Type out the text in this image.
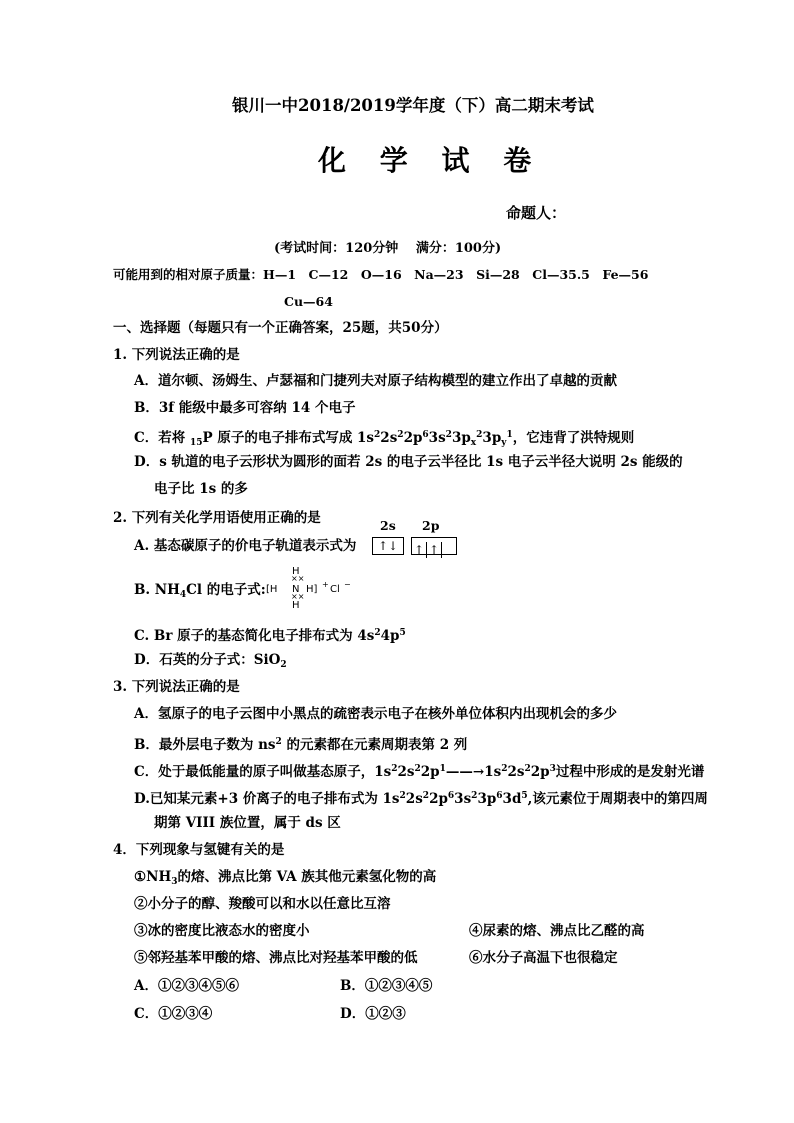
银川一中2018/2019学年度（下）高二期末考试
化 学 试 卷
命题人：
(考试时间：120分钟　 满分：100分)
可能用到的相对原子质量：H—1　C—12　O—16　Na—23　Si—28　Cl—35.5　Fe—56
Cu—64
一、选择题（每题只有一个正确答案，25题，共50分）
1. 下列说法正确的是
A．道尔顿、汤姆生、卢瑟福和门捷列夫对原子结构模型的建立作出了卓越的贡献
B．3f 能级中最多可容纳 14 个电子
C．若将 $_{15}$P 原子的电子排布式写成 $1s^22s^22p^63s^23p_x^23p_y^1$，它违背了洪特规则
D．s 轨道的电子云形状为圆形的面若 2s 的电子云半径比 1s 电子云半径大说明 2s 能级的
电子比 1s 的多
2. 下列有关化学用语使用正确的是	2s 2p
A. 基态碳原子的价电子轨道表示式为	↑↓	↑ ↑
B. $NH_4Cl$ 的电子式:
H
××
[H N H] + Cl −
××
H
C. Br 原子的基态简化电子排布式为 $4s^24p^5$
D．石英的分子式：SiO$_2$
3. 下列说法正确的是
A．氢原子的电子云图中小黑点的疏密表示电子在核外单位体积内出现机会的多少
B．最外层电子数为 $ns^2$ 的元素都在元素周期表第 2 列
C．处于最低能量的原子叫做基态原子，$1s^22s^22p^1——\to 1s^22s^22p^3$过程中形成的是发射光谱
D.已知某元素+3 价离子的电子排布式为 $1s^22s^22p^63s^23p^63d^5$,该元素位于周期表中的第四周
期第 VIII 族位置，属于 ds 区
4．下列现象与氢键有关的是
$①NH_3$的熔、沸点比第 VA 族其他元素氢化物的高
②小分子的醇、羧酸可以和水以任意比互溶
③冰的密度比液态水的密度小	④尿素的熔、沸点比乙醛的高
⑤邻羟基苯甲酸的熔、沸点比对羟基苯甲酸的低	⑥水分子高温下也很稳定
A．①②③④⑤⑥	B．①②③④⑤
C．①②③④	D．①②③
